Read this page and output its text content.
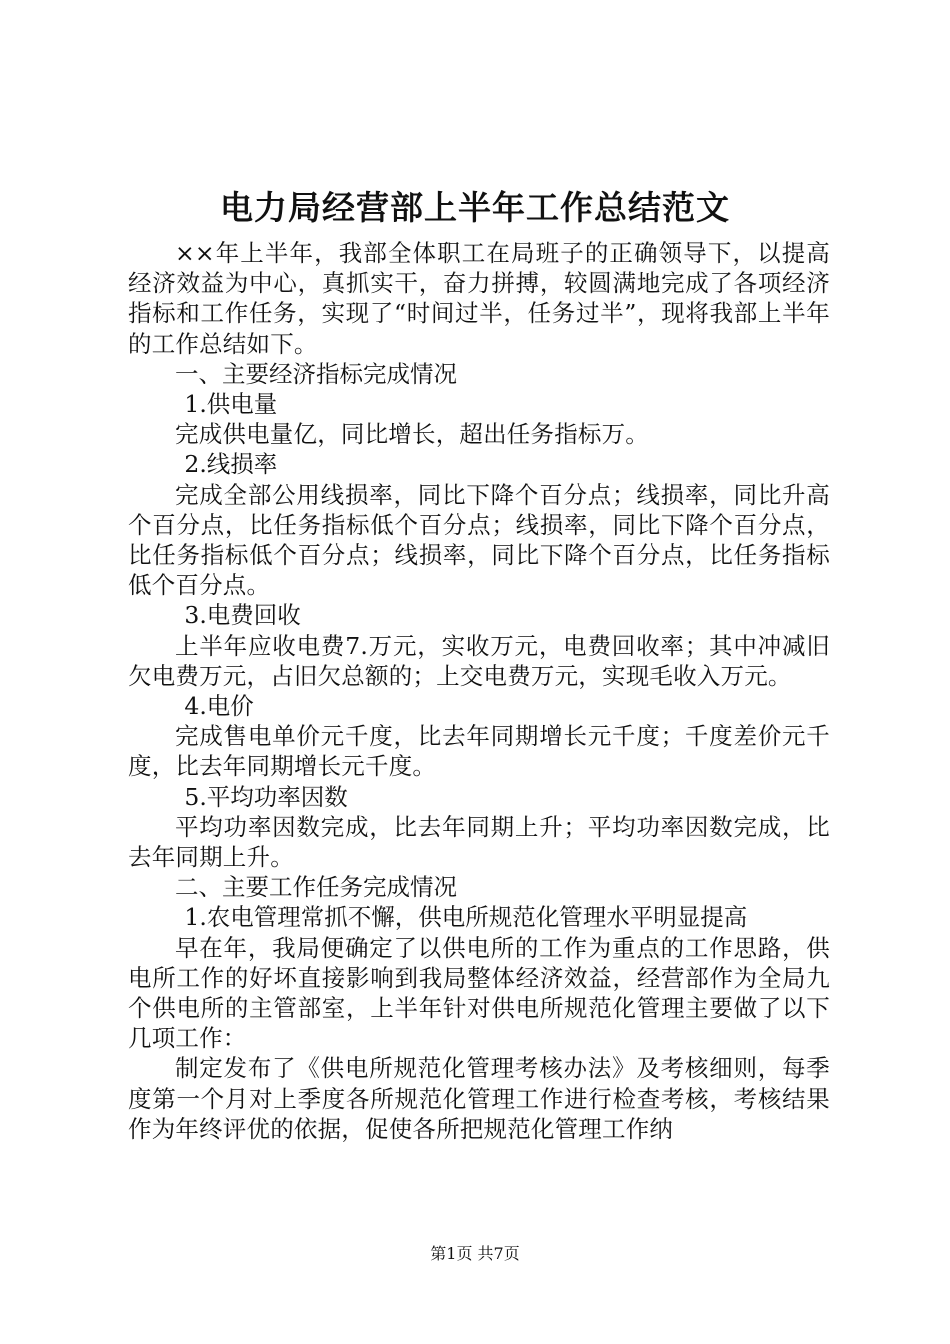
电力局经营部上半年工作总结范文

××年上半年，我部全体职工在局班子的正确领导下，以提高经济效益为中心，真抓实干，奋力拼搏，较圆满地完成了各项经济指标和工作任务，实现了“时间过半，任务过半”，现将我部上半年的工作总结如下。

一、主要经济指标完成情况

1.供电量

完成供电量亿，同比增长，超出任务指标万。

2.线损率

完成全部公用线损率，同比下降个百分点；线损率，同比升高个百分点，比任务指标低个百分点；线损率，同比下降个百分点，比任务指标低个百分点；线损率，同比下降个百分点，比任务指标低个百分点。

3.电费回收

上半年应收电费7.万元，实收万元，电费回收率；其中冲减旧欠电费万元，占旧欠总额的；上交电费万元，实现毛收入万元。

4.电价

完成售电单价元千度，比去年同期增长元千度；千度差价元千度，比去年同期增长元千度。

5.平均功率因数

平均功率因数完成，比去年同期上升；平均功率因数完成，比去年同期上升。

二、主要工作任务完成情况

1.农电管理常抓不懈，供电所规范化管理水平明显提高

早在年，我局便确定了以供电所的工作为重点的工作思路，供电所工作的好坏直接影响到我局整体经济效益，经营部作为全局九个供电所的主管部室，上半年针对供电所规范化管理主要做了以下几项工作：

制定发布了《供电所规范化管理考核办法》及考核细则，每季度第一个月对上季度各所规范化管理工作进行检查考核，考核结果作为年终评优的依据，促使各所把规范化管理工作纳

第1页 共7页
